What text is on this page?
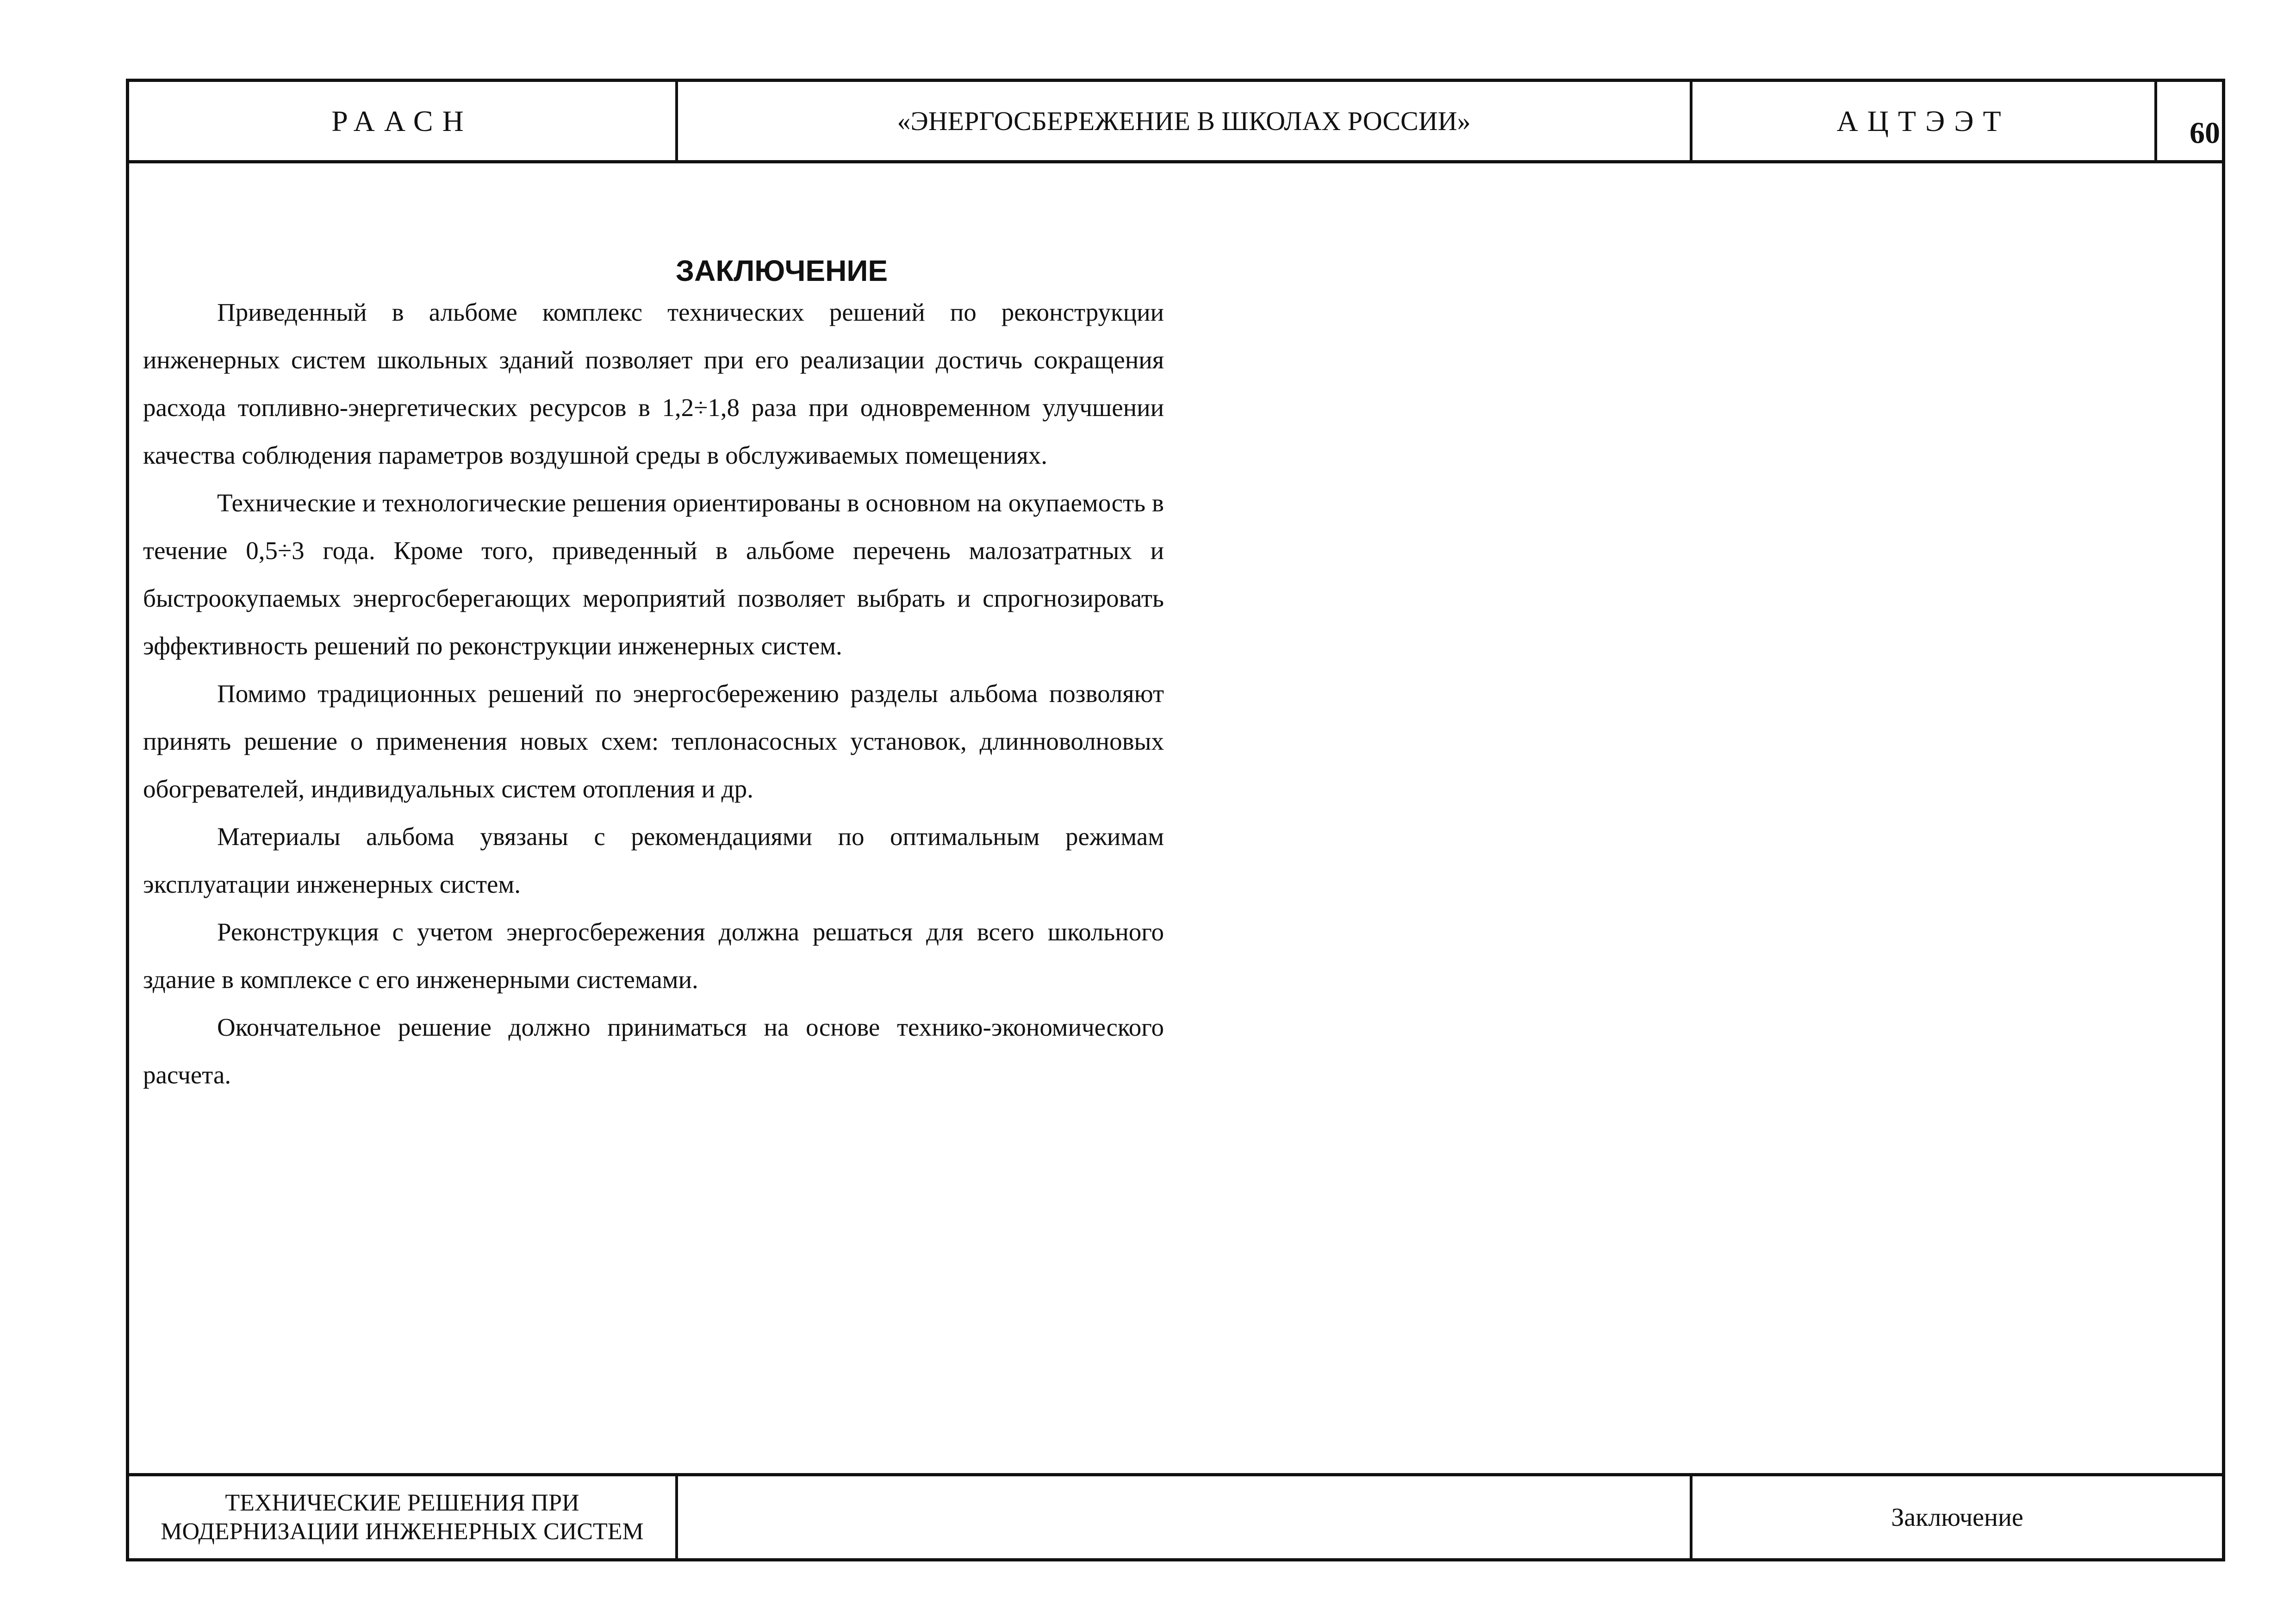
РААСН	«ЭНЕРГОСБЕРЕЖЕНИЕ В ШКОЛАХ РОССИИ»	АЦТЭЭТ	60
ЗАКЛЮЧЕНИЕ

Приведенный в альбоме комплекс технических решений по реконструкции инженерных систем школьных зданий позволяет при его реализации достичь сокращения расхода топливно-энергетических ресурсов в 1,2÷1,8 раза при одновременном улучшении качества соблюдения параметров воздушной среды в обслуживаемых помещениях.

Технические и технологические решения ориентированы в основном на окупаемость в течение 0,5÷3 года. Кроме того, приведенный в альбоме перечень малозатратных и быстроокупаемых энергосберегающих мероприятий позволяет выбрать и спрогнозировать эффективность решений по реконструкции инженерных систем.

Помимо традиционных решений по энергосбережению разделы альбома позволяют принять решение о применения новых схем: теплонасосных установок, длинноволновых обогревателей, индивидуальных систем отопления и др.

Материалы альбома увязаны с рекомендациями по оптимальным режимам эксплуатации инженерных систем.

Реконструкция с учетом энергосбережения должна решаться для всего школьного здание в комплексе с его инженерными системами.

Окончательное решение должно приниматься на основе технико-экономического расчета.

ТЕХНИЧЕСКИЕ РЕШЕНИЯ ПРИ
МОДЕРНИЗАЦИИ ИНЖЕНЕРНЫХ СИСТЕМ	Заключение
